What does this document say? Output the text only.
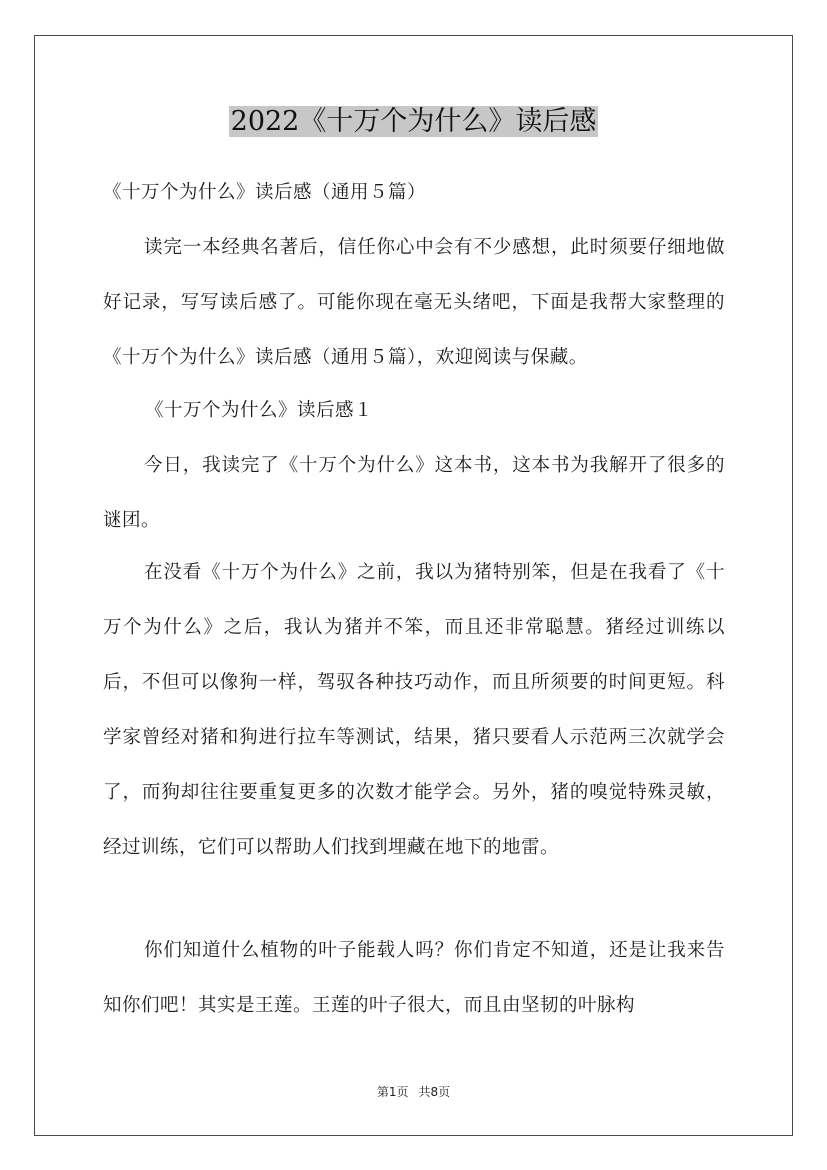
2022《十万个为什么》读后感

《十万个为什么》读后感（通用５篇）

读完一本经典名著后，信任你心中会有不少感想，此时须要仔细地做好记录，写写读后感了。可能你现在毫无头绪吧，下面是我帮大家整理的《十万个为什么》读后感（通用５篇），欢迎阅读与保藏。

《十万个为什么》读后感１

今日，我读完了《十万个为什么》这本书，这本书为我解开了很多的谜团。

在没看《十万个为什么》之前，我以为猪特别笨，但是在我看了《十万个为什么》之后，我认为猪并不笨，而且还非常聪慧。猪经过训练以后，不但可以像狗一样，驾驭各种技巧动作，而且所须要的时间更短。科学家曾经对猪和狗进行拉车等测试，结果，猪只要看人示范两三次就学会了，而狗却往往要重复更多的次数才能学会。另外，猪的嗅觉特殊灵敏，经过训练，它们可以帮助人们找到埋藏在地下的地雷。

你们知道什么植物的叶子能载人吗？你们肯定不知道，还是让我来告知你们吧！其实是王莲。王莲的叶子很大，而且由坚韧的叶脉构

第1页 共8页
